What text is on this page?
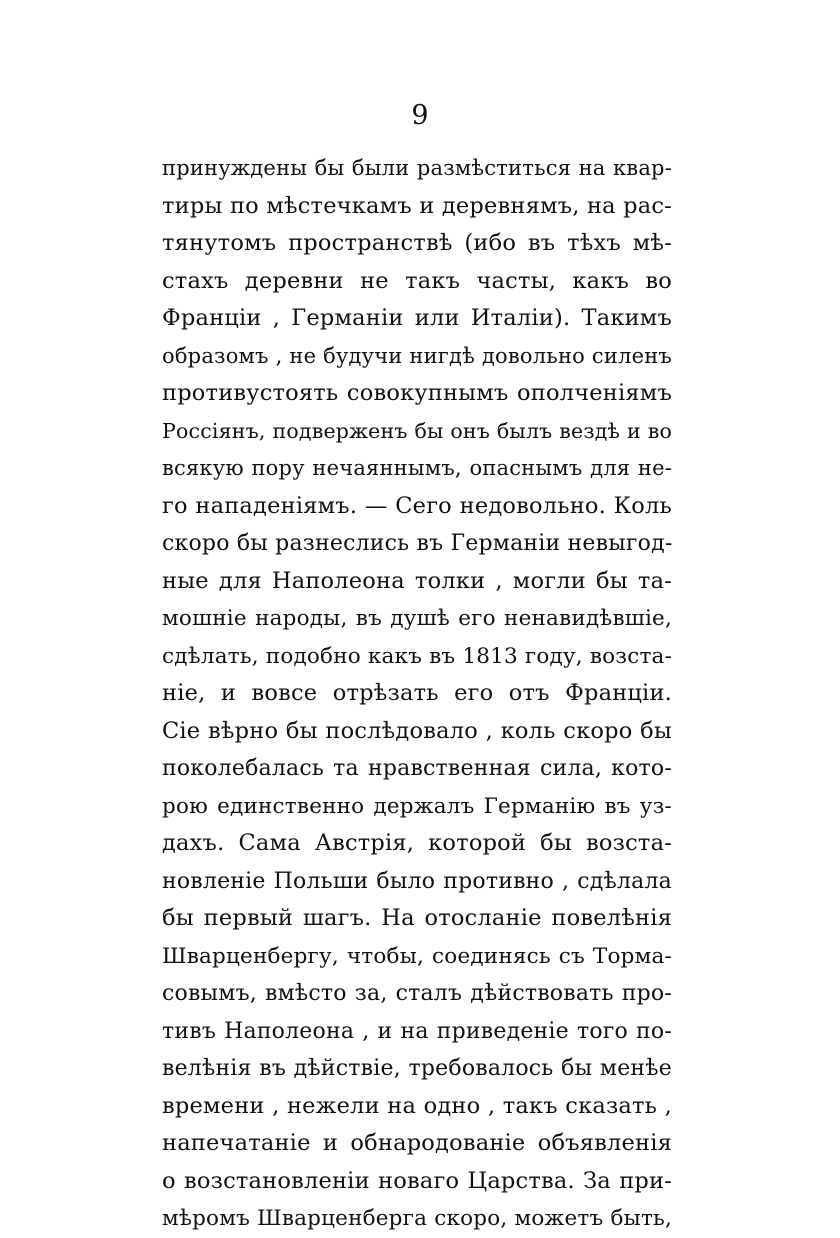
9
принуждены бы были размѣститься на квар-
тиры по мѣстечкамъ и деревнямъ, на рас-
тянутомъ пространствѣ (ибо въ тѣхъ мѣ-
стахъ деревни не такъ часты, какъ во
Франціи , Германіи или Италіи). Такимъ
образомъ , не будучи нигдѣ довольно силенъ
противустоять совокупнымъ ополченіямъ
Россіянъ, подверженъ бы онъ былъ вездѣ и во
всякую пору нечаяннымъ, опаснымъ для не-
го нападеніямъ. — Сего недовольно. Коль
скоро бы разнеслись въ Германіи невыгод-
ные для Наполеона толки , могли бы та-
мошніе народы, въ душѣ его ненавидѣвшіе,
сдѣлать, подобно какъ въ 1813 году, возста-
ніе, и вовсе отрѣзать его отъ Франціи.
Сіе вѣрно бы послѣдовало , коль скоро бы
поколебалась та нравственная сила, кото-
рою единственно держалъ Германію въ уз-
дахъ. Сама Австрія, которой бы возста-
новленіе Польши было противно , сдѣлала
бы первый шагъ. На отосланіе повелѣнія
Шварценбергу, чтобы, соединясь съ Торма-
совымъ, вмѣсто за, сталъ дѣйствовать про-
тивъ Наполеона , и на приведеніе того по-
велѣнія въ дѣйствіе, требовалось бы менѣе
времени , нежели на одно , такъ сказать ,
напечатаніе и обнародованіе объявленія
о возстановленіи новаго Царства. За при-
мѣромъ Шварценберга скоро, можетъ быть,
